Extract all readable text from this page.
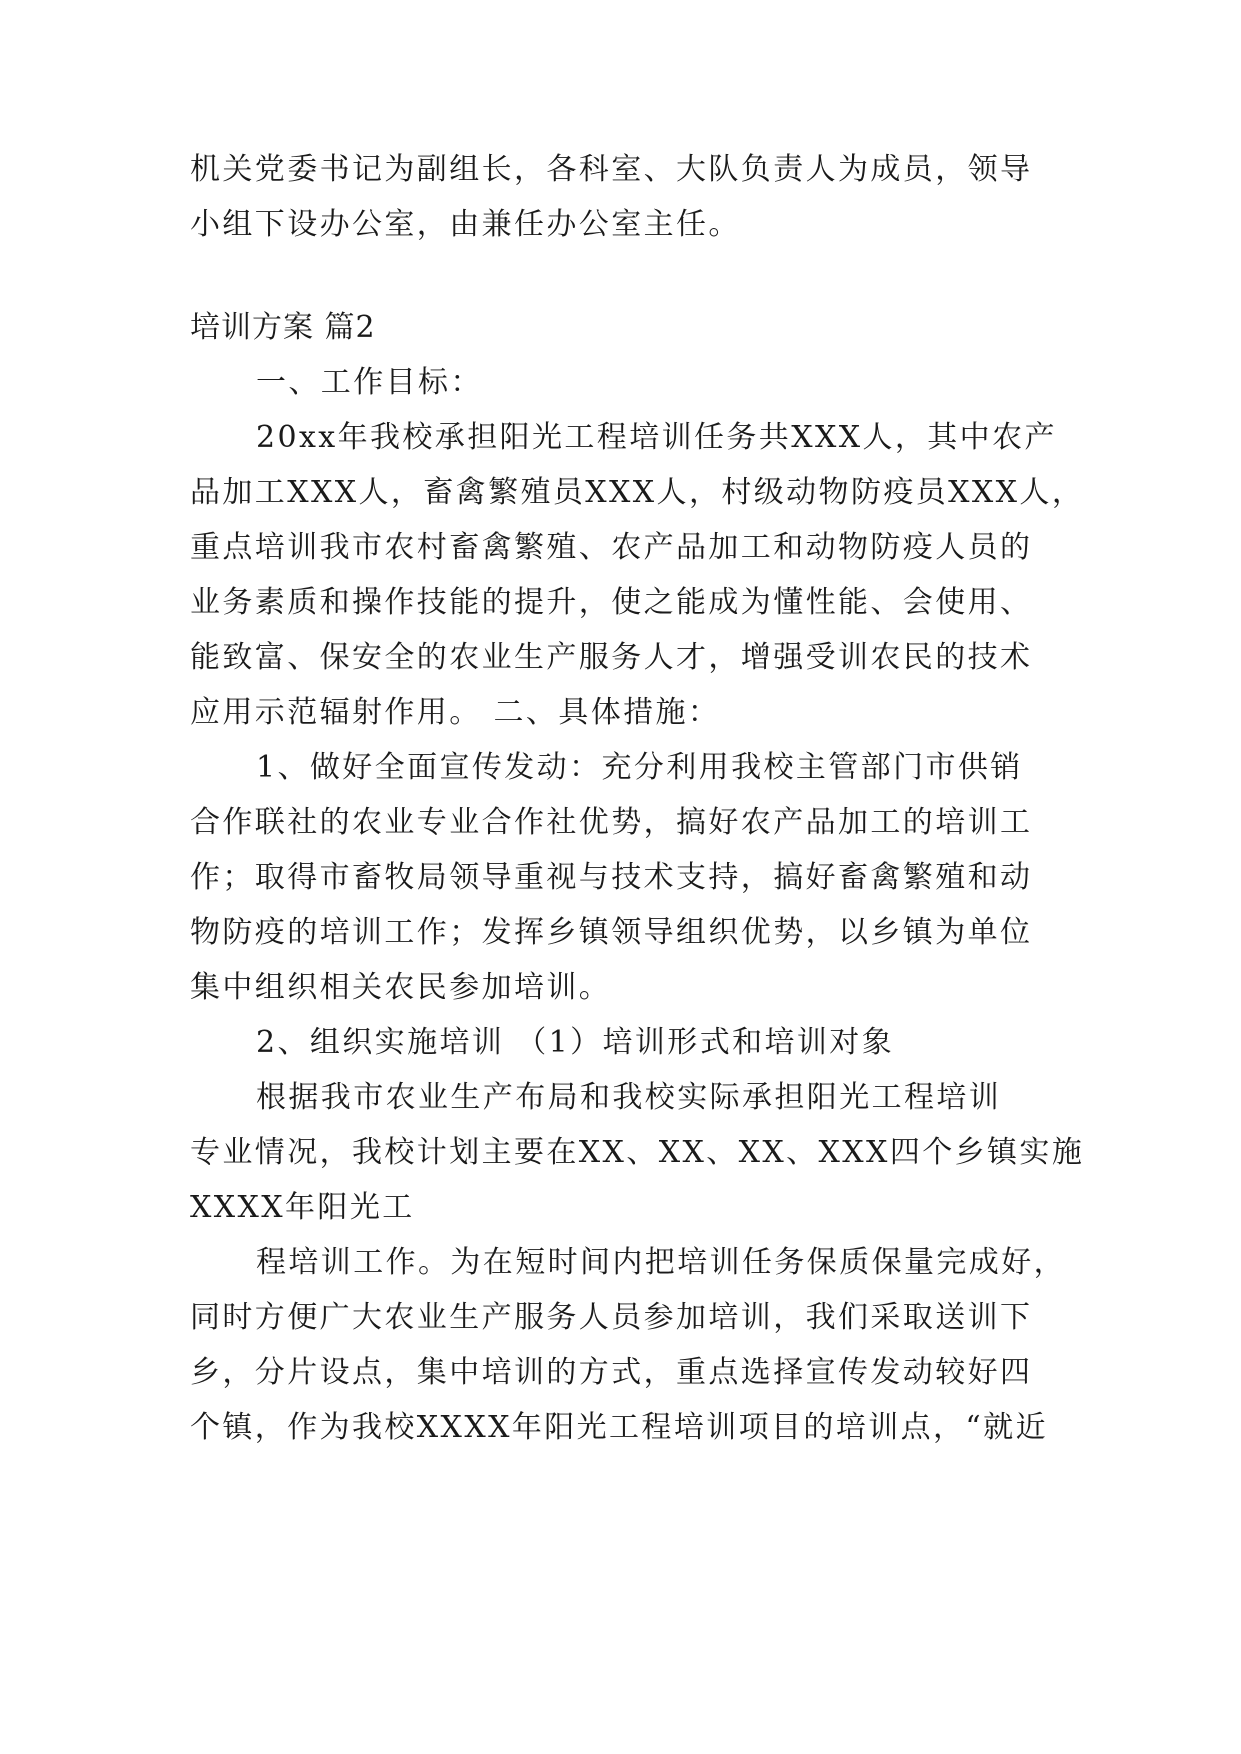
机关党委书记为副组长，各科室、大队负责人为成员，领导
小组下设办公室，由兼任办公室主任。
培训方案 篇2
一、工作目标：
20xx年我校承担阳光工程培训任务共XXX人，其中农产
品加工XXX人，畜禽繁殖员XXX人，村级动物防疫员XXX人，
重点培训我市农村畜禽繁殖、农产品加工和动物防疫人员的
业务素质和操作技能的提升，使之能成为懂性能、会使用、
能致富、保安全的农业生产服务人才，增强受训农民的技术
应用示范辐射作用。 二、具体措施：
1、做好全面宣传发动：充分利用我校主管部门市供销
合作联社的农业专业合作社优势，搞好农产品加工的培训工
作；取得市畜牧局领导重视与技术支持，搞好畜禽繁殖和动
物防疫的培训工作；发挥乡镇领导组织优势，以乡镇为单位
集中组织相关农民参加培训。
2、组织实施培训 （1）培训形式和培训对象
根据我市农业生产布局和我校实际承担阳光工程培训
专业情况，我校计划主要在XX、XX、XX、XXX四个乡镇实施
XXXX年阳光工
程培训工作。为在短时间内把培训任务保质保量完成好，
同时方便广大农业生产服务人员参加培训，我们采取送训下
乡，分片设点，集中培训的方式，重点选择宣传发动较好四
个镇，作为我校XXXX年阳光工程培训项目的培训点，“就近
